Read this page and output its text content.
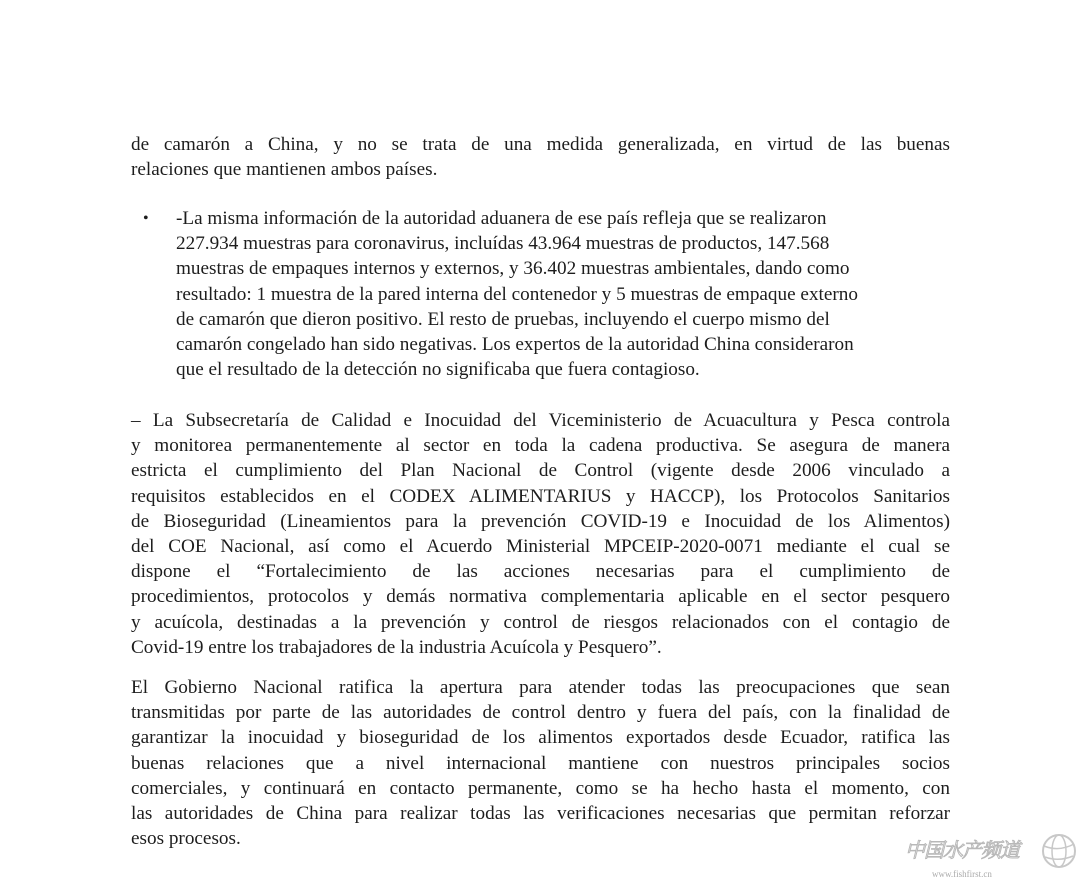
de camarón a China, y no se trata de una medida generalizada, en virtud de las buenas
relaciones que mantienen ambos países.
• -La misma información de la autoridad aduanera de ese país refleja que se realizaron
227.934 muestras para coronavirus, incluídas 43.964 muestras de productos, 147.568
muestras de empaques internos y externos, y 36.402 muestras ambientales, dando como
resultado: 1 muestra de la pared interna del contenedor y 5 muestras de empaque externo
de camarón que dieron positivo. El resto de pruebas, incluyendo el cuerpo mismo del
camarón congelado han sido negativas. Los expertos de la autoridad China consideraron
que el resultado de la detección no significaba que fuera contagioso.
– La Subsecretaría de Calidad e Inocuidad del Viceministerio de Acuacultura y Pesca controla
y monitorea permanentemente al sector en toda la cadena productiva. Se asegura de manera
estricta el cumplimiento del Plan Nacional de Control (vigente desde 2006 vinculado a
requisitos establecidos en el CODEX ALIMENTARIUS y HACCP), los Protocolos Sanitarios
de Bioseguridad (Lineamientos para la prevención COVID-19 e Inocuidad de los Alimentos)
del COE Nacional, así como el Acuerdo Ministerial MPCEIP-2020-0071 mediante el cual se
dispone el “Fortalecimiento de las acciones necesarias para el cumplimiento de
procedimientos, protocolos y demás normativa complementaria aplicable en el sector pesquero
y acuícola, destinadas a la prevención y control de riesgos relacionados con el contagio de
Covid-19 entre los trabajadores de la industria Acuícola y Pesquero”.
El Gobierno Nacional ratifica la apertura para atender todas las preocupaciones que sean
transmitidas por parte de las autoridades de control dentro y fuera del país, con la finalidad de
garantizar la inocuidad y bioseguridad de los alimentos exportados desde Ecuador, ratifica las
buenas relaciones que a nivel internacional mantiene con nuestros principales socios
comerciales, y continuará en contacto permanente, como se ha hecho hasta el momento, con
las autoridades de China para realizar todas las verificaciones necesarias que permitan reforzar
esos procesos.	中国水产频道
www.fishfirst.cn
